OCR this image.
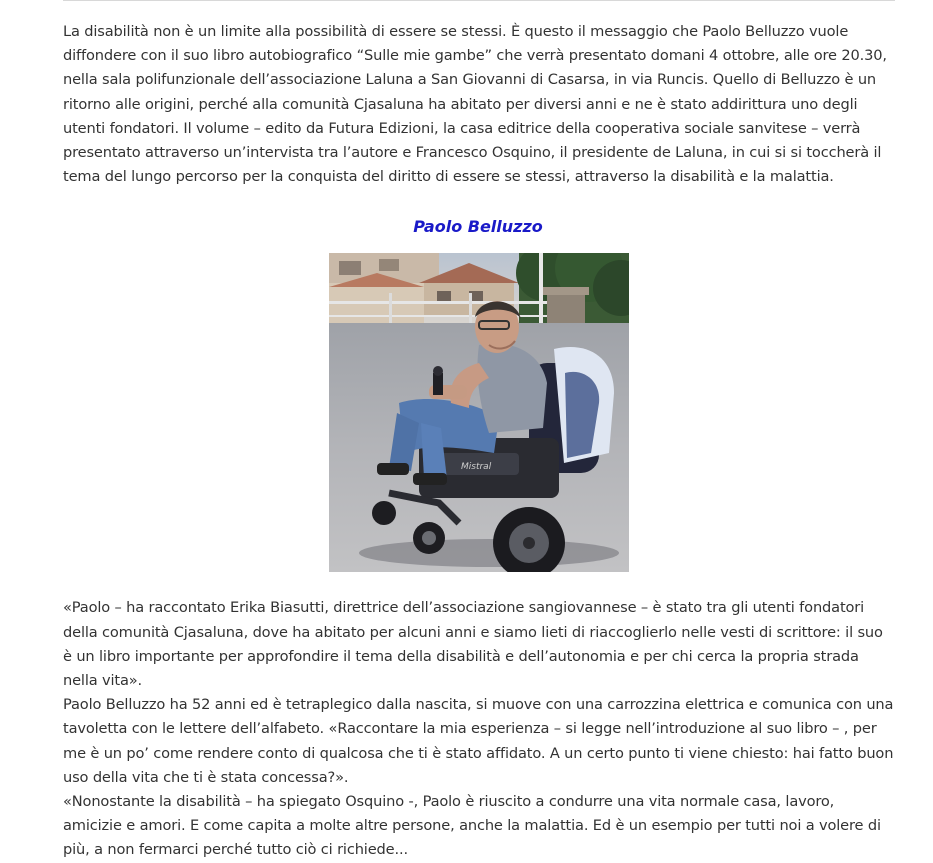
La disabilità non è un limite alla possibilità di essere se stessi. È questo il messaggio che Paolo Belluzzo vuole diffondere con il suo libro autobiografico “Sulle mie gambe” che verrà presentato domani 4 ottobre, alle ore 20.30, nella sala polifunzionale dell’associazione Laluna a San Giovanni di Casarsa, in via Runcis. Quello di Belluzzo è un ritorno alle origini, perché alla comunità Cjasaluna ha abitato per diversi anni e ne è stato addirittura uno degli utenti fondatori. Il volume – edito da Futura Edizioni, la casa editrice della cooperativa sociale sanvitese – verrà presentato attraverso un’intervista tra l’autore e Francesco Osquino, il presidente de Laluna, in cui si si toccherà il tema del lungo percorso per la conquista del diritto di essere se stessi, attraverso la disabilità e la malattia.

Paolo Belluzzo
Mistral

«Paolo – ha raccontato Erika Biasutti, direttrice dell’associazione sangiovannese – è stato tra gli utenti fondatori della comunità Cjasaluna, dove ha abitato per alcuni anni e siamo lieti di riaccoglierlo nelle vesti di scrittore: il suo è un libro importante per approfondire il tema della disabilità e dell’autonomia e per chi cerca la propria strada nella vita».

Paolo Belluzzo ha 52 anni ed è tetraplegico dalla nascita, si muove con una carrozzina elettrica e comunica con una tavoletta con le lettere dell’alfabeto. «Raccontare la mia esperienza – si legge nell’introduzione al suo libro – , per me è un po’ come rendere conto di qualcosa che ti è stato affidato. A un certo punto ti viene chiesto: hai fatto buon uso della vita che ti è stata concessa?».

«Nonostante la disabilità – ha spiegato Osquino -, Paolo è riuscito a condurre una vita normale casa, lavoro, amicizie e amori. E come capita a molte altre persone, anche la malattia. Ed è un esempio per tutti noi a volere di più, a non fermarci perché tutto ciò ci richiede...
